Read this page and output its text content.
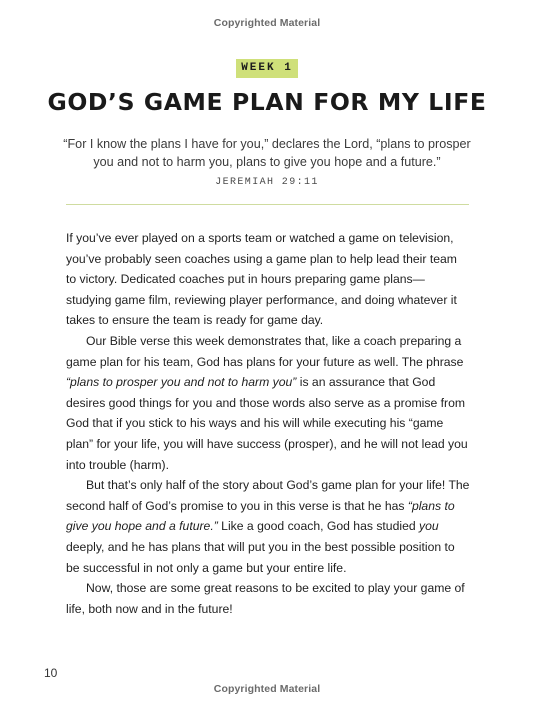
Copyrighted Material
WEEK 1
GOD’S GAME PLAN FOR MY LIFE
“For I know the plans I have for you,” declares the Lord, “plans to prosper you and not to harm you, plans to give you hope and a future.”
JEREMIAH 29:11

If you’ve ever played on a sports team or watched a game on television, you’ve probably seen coaches using a game plan to help lead their team to victory. Dedicated coaches put in hours preparing game plans—studying game film, reviewing player performance, and doing whatever it takes to ensure the team is ready for game day.

Our Bible verse this week demonstrates that, like a coach preparing a game plan for his team, God has plans for your future as well. The phrase “plans to prosper you and not to harm you” is an assurance that God desires good things for you and those words also serve as a promise from God that if you stick to his ways and his will while executing his “game plan” for your life, you will have success (prosper), and he will not lead you into trouble (harm).

But that’s only half of the story about God’s game plan for your life! The second half of God’s promise to you in this verse is that he has “plans to give you hope and a future.” Like a good coach, God has studied you deeply, and he has plans that will put you in the best possible position to be successful in not only a game but your entire life.

Now, those are some great reasons to be excited to play your game of life, both now and in the future!

10
Copyrighted Material
